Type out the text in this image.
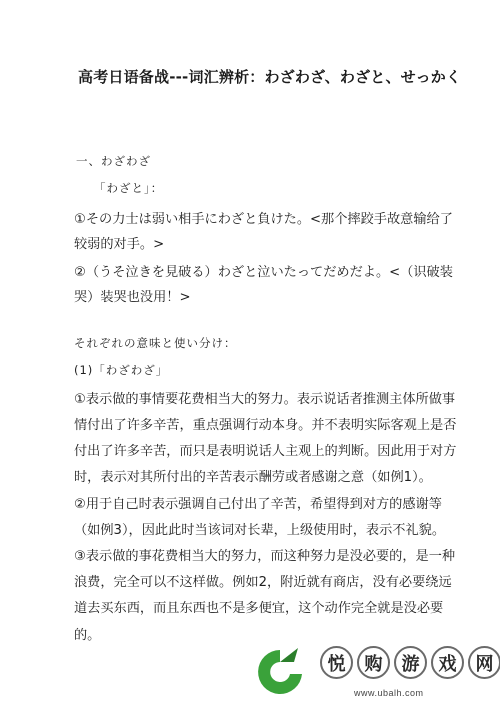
高考日语备战---词汇辨析：わざわざ、わざと、せっかく
一、わざわざ
「わざと」：
①その力士は弱い相手にわざと負けた。<那个摔跤手故意输给了
较弱的对手。>
②（うそ泣きを見破る）わざと泣いたってだめだよ。<（识破装
哭）装哭也没用！>
それぞれの意味と使い分け：
(1)「わざわざ」
①表示做的事情要花费相当大的努力。表示说话者推测主体所做事
情付出了许多辛苦，重点强调行动本身。并不表明实际客观上是否
付出了许多辛苦，而只是表明说话人主观上的判断。因此用于对方
时，表示对其所付出的辛苦表示酬劳或者感谢之意（如例1）。
②用于自己时表示强调自己付出了辛苦，希望得到对方的感谢等
（如例3），因此此时当该词对长辈，上级使用时，表示不礼貌。
③表示做的事花费相当大的努力，而这种努力是没必要的，是一种
浪费，完全可以不这样做。例如2，附近就有商店，没有必要绕远
道去买东西，而且东西也不是多便宜，这个动作完全就是没必要
的。
悦	购	游	戏	网
www.ubalh.com
